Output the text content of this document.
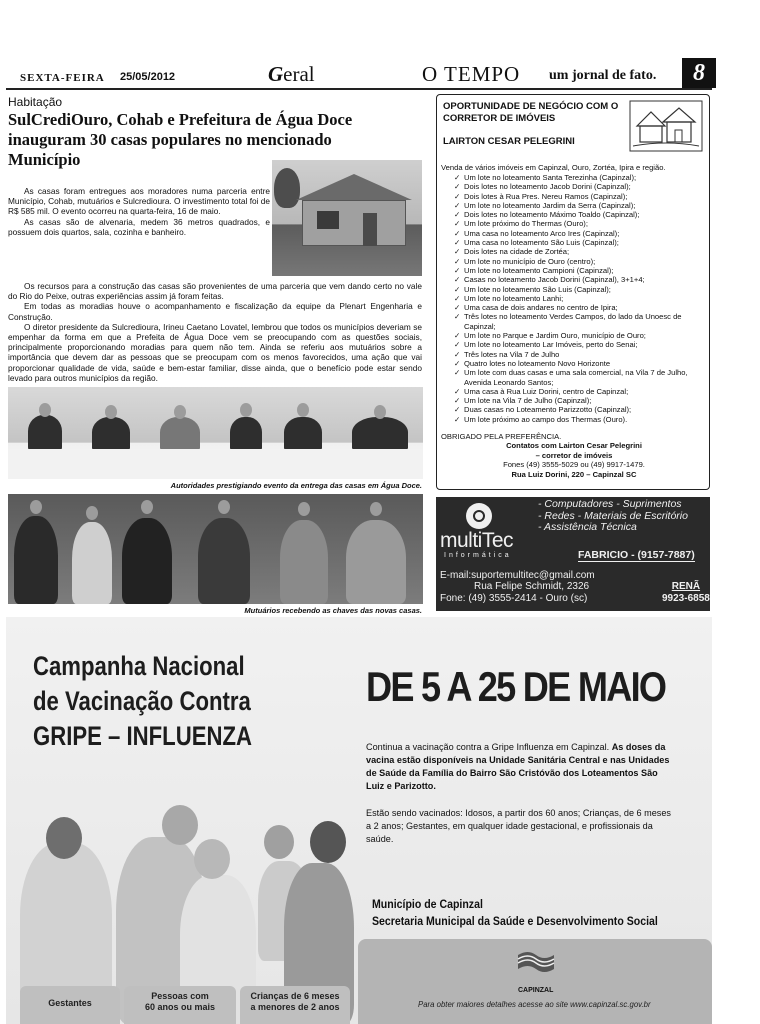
SEXTA-FEIRA 25/05/2012	Geral	O TEMPO um jornal de fato.	8
Habitação
SulCrediOuro, Cohab e Prefeitura de Água Doce inauguram 30 casas populares no mencionado Município

As casas foram entregues aos moradores numa parceria entre Município, Cohab, mutuários e Sulcredioura. O investimento total foi de R$ 585 mil. O evento ocorreu na quarta-feira, 16 de maio.

As casas são de alvenaria, medem 36 metros quadrados, e possuem dois quartos, sala, cozinha e banheiro.

Os recursos para a construção das casas são provenientes de uma parceria que vem dando certo no vale do Rio do Peixe, outras experiências assim já foram feitas.

Em todas as moradias houve o acompanhamento e fiscalização da equipe da Plenart Engenharia e Construção.

O diretor presidente da Sulcredioura, Irineu Caetano Lovatel, lembrou que todos os municípios deveriam se empenhar da forma em que a Prefeita de Água Doce vem se preocupando com as questões sociais, principalmente proporcionando moradias para quem não tem. Ainda se referiu aos mutuários sobre a importância que devem dar as pessoas que se preocupam com os menos favorecidos, uma ação que vai proporcionar qualidade de vida, saúde e bem-estar familiar, disse ainda, que o benefício pode estar sendo levado para outros municípios da região.

Autoridades prestigiando evento da entrega das casas em Água Doce.
Mutuários recebendo as chaves das novas casas.
OPORTUNIDADE DE NEGÓCIO COM O CORRETOR DE IMÓVEIS
LAIRTON CESAR PELEGRINI
Venda de vários imóveis em Capinzal, Ouro, Zortéa, Ipira e região.
✓ Um lote no loteamento Santa Terezinha (Capinzal);
✓ Dois lotes no loteamento Jacob Dorini (Capinzal);
✓ Dois lotes à Rua Pres. Nereu Ramos (Capinzal);
✓ Um lote no loteamento Jardim da Serra (Capinzal);
✓ Dois lotes no loteamento Máximo Toaldo (Capinzal);
✓ Um lote próximo do Thermas (Ouro);
✓ Uma casa no loteamento Arco Ires (Capinzal);
✓ Uma casa no loteamento São Luis (Capinzal);
✓ Dois lotes na cidade de Zortéa;
✓ Um lote no município de Ouro (centro);
✓ Um lote no loteamento Campioni (Capinzal);
✓ Casas no loteamento Jacob Dorini (Capinzal), 3+1+4;
✓ Um lote no loteamento São Luis (Capinzal);
✓ Um lote no loteamento Lanhi;
✓ Uma casa de dois andares no centro de Ipira;
✓ Três lotes no loteamento Verdes Campos, do lado da Unoesc de Capinzal;
✓ Um lote no Parque e Jardim Ouro, município de Ouro;
✓ Um lote no loteamento Lar Imóveis, perto do Senai;
✓ Três lotes na Vila 7 de Julho
✓ Quatro lotes no loteamento Novo Horizonte
✓ Um lote com duas casas e uma sala comercial, na Vila 7 de Julho, Avenida Leonardo Santos;
✓ Uma casa à Rua Luiz Dorini, centro de Capinzal;
✓ Um lote na Vila 7 de Julho (Capinzal);
✓ Duas casas no Loteamento Parizzotto (Capinzal);
✓ Um lote próximo ao campo dos Thermas (Ouro).
OBRIGADO PELA PREFERÊNCIA.
Contatos com Lairton Cesar Pelegrini
– corretor de imóveis
Fones (49) 3555-5029 ou (49) 9917-1479.
Rua Luiz Dorini, 220 – Capinzal SC
multiTec
Informática
- Computadores - Suprimentos
- Redes - Materiais de Escritório
- Assistência Técnica
FABRICIO - (9157-7887)
E-mail:suportemultitec@gmail.com
Rua Felipe Schmidt, 2326
Fone: (49) 3555-2414 - Ouro (sc)
RENÃ
9923-6858
Campanha Nacional
de Vacinação Contra
GRIPE – INFLUENZA
DE 5 A 25 DE MAIO
Continua a vacinação contra a Gripe Influenza em Capinzal. As doses da vacina estão disponíveis na Unidade Sanitária Central e nas Unidades de Saúde da Família do Bairro São Cristóvão dos Loteamentos São Luiz e Parizotto.
Estão sendo vacinados: Idosos, a partir dos 60 anos; Crianças, de 6 meses a 2 anos; Gestantes, em qualquer idade gestacional, e profissionais da saúde.
Município de Capinzal
Secretaria Municipal da Saúde e Desenvolvimento Social
Gestantes
Pessoas com
60 anos ou mais
Crianças de 6 meses
a menores de 2 anos
CAPINZAL
Para obter maiores detalhes acesse ao site www.capinzal.sc.gov.br
